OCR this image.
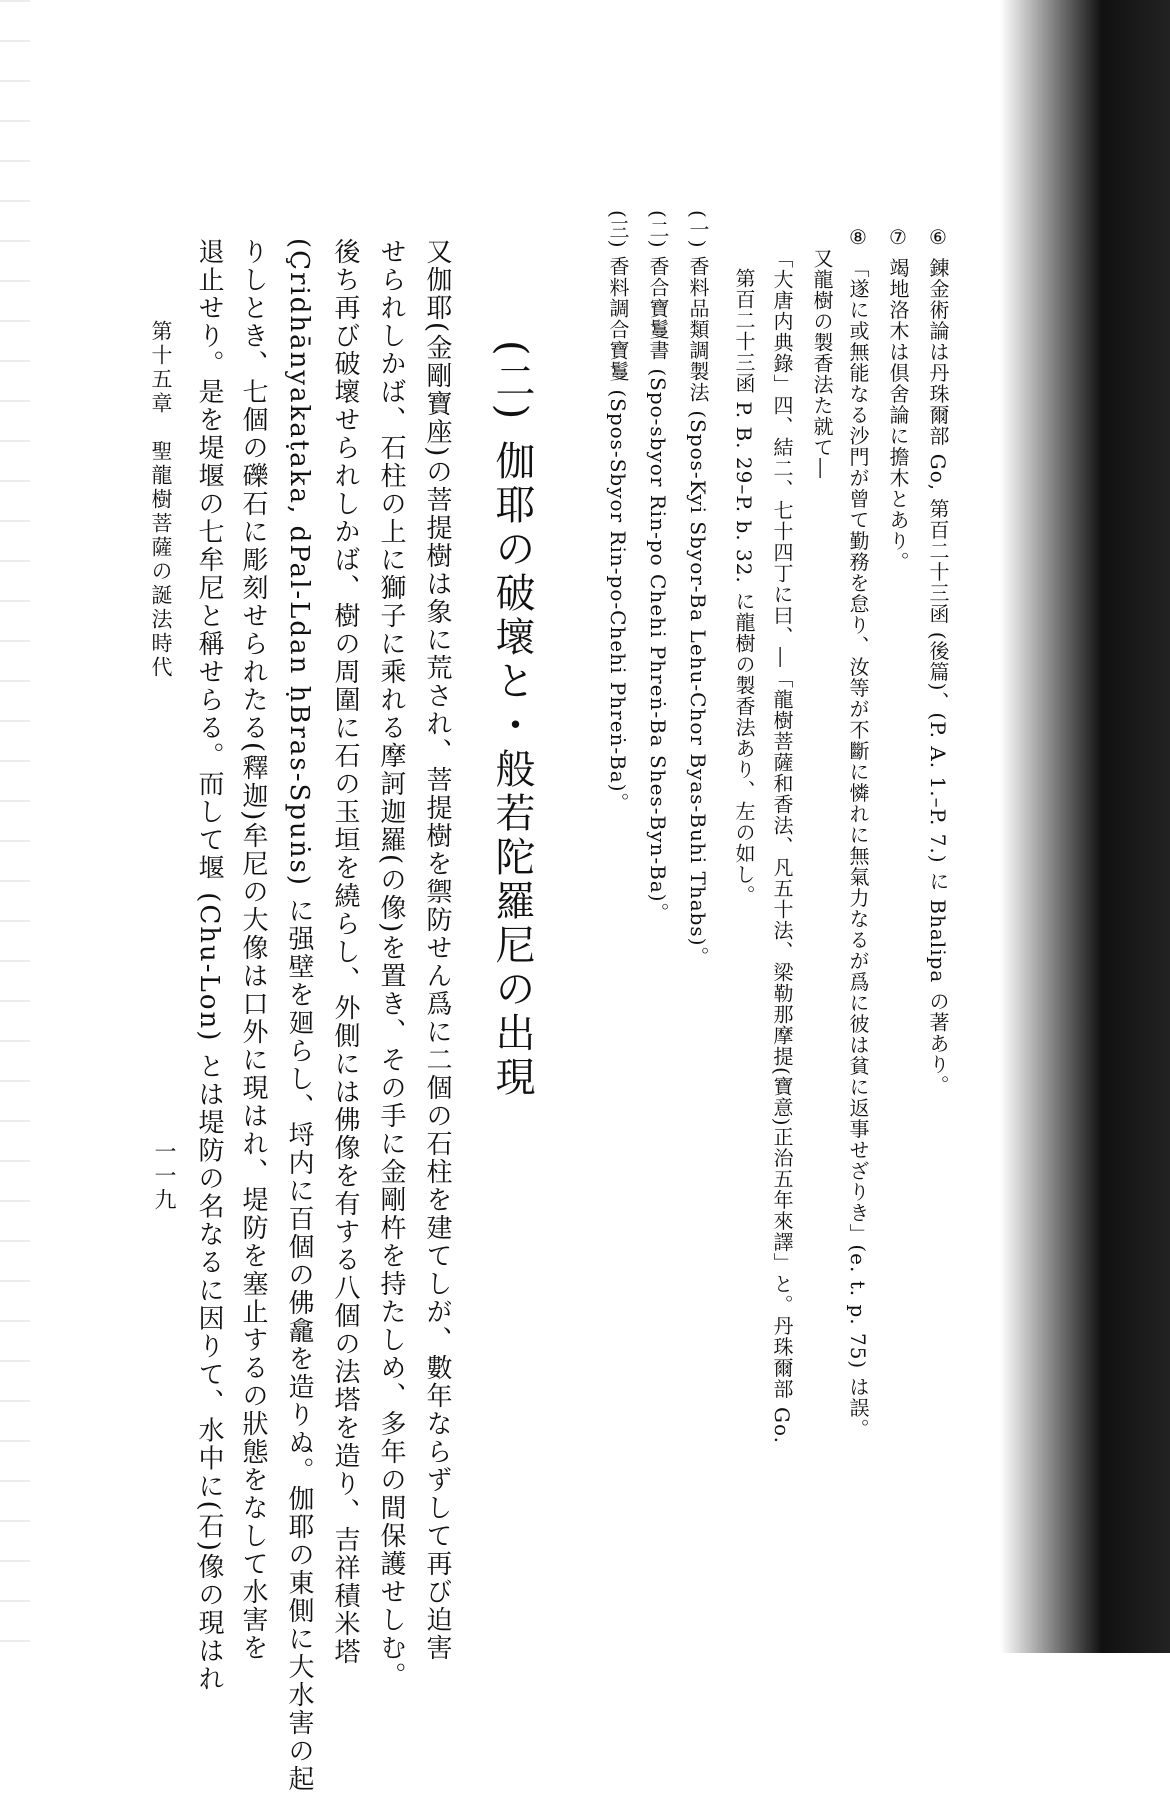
⑥ 錬金術論は丹珠爾部 Go, 第百二十三函 (後篇)、(P. A. 1.–P. 7.) に Bhalipa の著あり。
⑦ 竭地洛木は倶舍論に擔木とあり。
⑧ 「遂に或無能なる沙門が曾て勤務を怠り、汝等が不斷に憐れに無氣力なるが爲に彼は貧に返事せざりき」(e. t. p. 75) は誤。
又龍樹の製香法た就て―
「大唐内典錄」四、結二、七十四丁に曰、―「龍樹菩薩和香法、凡五十法、梁勒那摩提(寶意)正治五年來譯」と。丹珠爾部 Go.
第百二十三函 P. B. 29–P. b. 32. に龍樹の製香法あり、左の如し。
(一) 香料品類調製法 (Spos-Kyi Sbyor-Ba Lehu-Chor Byas-Buhi Thabs)。
(二) 香合寶鬘書 (Spo-sbyor Rin-po Chehi Phreṅ-Ba Shes-Byn-Ba)。
(三) 香料調合寶鬘 (Spos-Sbyor Rin-po-Chehi Phreṅ-Ba)。
(二) 伽耶の破壞と・般若陀羅尼の出現
又伽耶(金剛寶座)の菩提樹は象に荒され、菩提樹を禦防せん爲に二個の石柱を建てしが、數年ならずして再び迫害
せられしかば、石柱の上に獅子に乘れる摩訶迦羅(の像)を置き、その手に金剛杵を持たしめ、多年の間保護せしむ。
後ち再び破壞せられしかば、樹の周圍に石の玉垣を繞らし、外側には佛像を有する八個の法塔を造り、吉祥積米塔
(Çridhānyakaṭaka, dPal-Ldan ḥBras-Spuṅs) に强壁を廻らし、埒内に百個の佛龕を造りぬ。伽耶の東側に大水害の起
りしとき、七個の礫石に彫刻せられたる(釋迦)牟尼の大像は口外に現はれ、堤防を塞止するの狀態をなして水害を
退止せり。是を堤堰の七牟尼と稱せらる。而して堰 (Chu-Lon) とは堤防の名なるに因りて、水中に(石)像の現はれ
第十五章　聖龍樹菩薩の誕法時代
一一九
